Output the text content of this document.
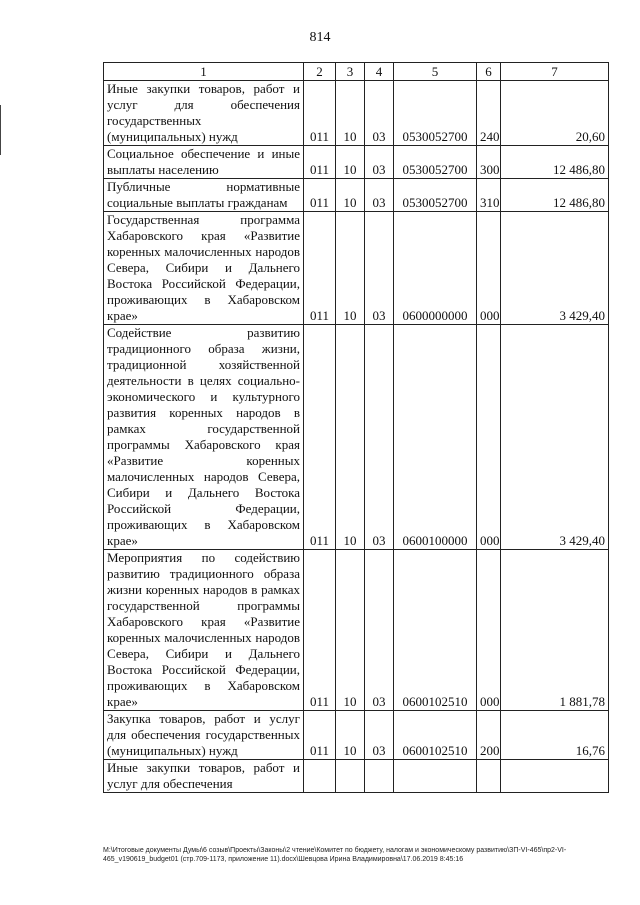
814
1	2	3	4	5	6	7
Иные закупки товаров, работ и услуг для обеспечения государственных (муниципальных) нужд	011	10	03	0530052700	240	20,60
Социальное обеспечение и иные выплаты населению	011	10	03	0530052700	300	12 486,80
Публичные нормативные социальные выплаты гражданам	011	10	03	0530052700	310	12 486,80
Государственная программа Хабаровского края «Развитие коренных малочисленных народов Севера, Сибири и Дальнего Востока Российской Федерации, проживающих в Хабаровском крае»	011	10	03	0600000000	000	3 429,40
Содействие развитию традиционного образа жизни, традиционной хозяйственной деятельности в целях социально-экономического и культурного развития коренных народов в рамках государственной программы Хабаровского края «Развитие коренных малочисленных народов Севера, Сибири и Дальнего Востока Российской Федерации, проживающих в Хабаровском крае»	011	10	03	0600100000	000	3 429,40
Мероприятия по содействию развитию традиционного образа жизни коренных народов в рамках государственной программы Хабаровского края «Развитие коренных малочисленных народов Севера, Сибири и Дальнего Востока Российской Федерации, проживающих в Хабаровском крае»	011	10	03	0600102510	000	1 881,78
Закупка товаров, работ и услуг для обеспечения государственных (муниципальных) нужд	011	10	03	0600102510	200	16,76
Иные закупки товаров, работ и услуг для обеспечения						
M:\Итоговые документы Думы\6 созыв\Проекты\Законы\2 чтение\Комитет по бюджету, налогам и экономическому развитию\ЗП-VI-465\пр2-VI-465_v190619_budget01 (стр.709-1173, приложение 11).docx\Шевцова Ирина Владимировна\17.06.2019 8:45:16
